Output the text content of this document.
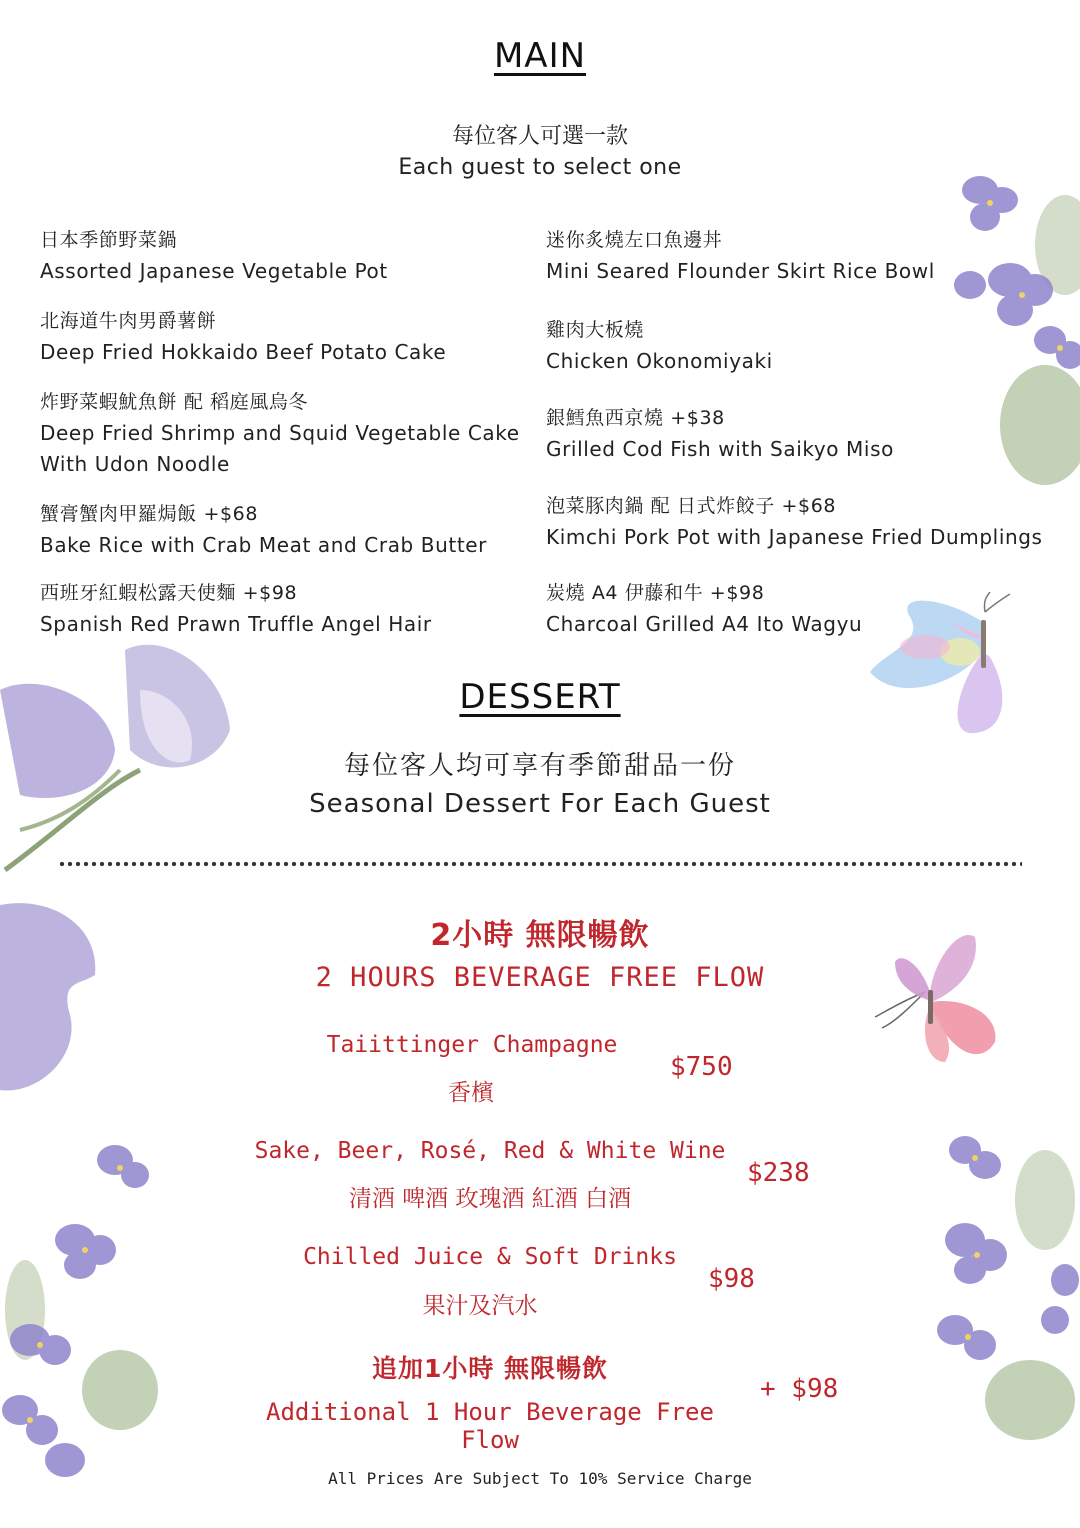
MAIN
每位客人可選一款
Each guest to select one
日本季節野菜鍋
Assorted Japanese Vegetable Pot
北海道牛肉男爵薯餅
Deep Fried Hokkaido Beef Potato Cake
炸野菜蝦魷魚餅 配 稻庭風烏冬
Deep Fried Shrimp and Squid Vegetable Cake
With Udon Noodle
蟹膏蟹肉甲羅焗飯 +$68
Bake Rice with Crab Meat and Crab Butter
西班牙紅蝦松露天使麵 +$98
Spanish Red Prawn Truffle Angel Hair
迷你炙燒左口魚邊丼
Mini Seared Flounder Skirt Rice Bowl
雞肉大板燒
Chicken Okonomiyaki
銀鱈魚西京燒 +$38
Grilled Cod Fish with Saikyo Miso
泡菜豚肉鍋 配 日式炸餃子 +$68
Kimchi Pork Pot with Japanese Fried Dumplings
炭燒 A4 伊藤和牛 +$98
Charcoal Grilled A4 Ito Wagyu
DESSERT
每位客人均可享有季節甜品一份
Seasonal Dessert For Each Guest
2小時 無限暢飲
2 HOURS BEVERAGE FREE FLOW
Taiittinger Champagne
香檳
$750
Sake, Beer, Rosé, Red & White Wine
清酒 啤酒 玫瑰酒 紅酒 白酒
$238
Chilled Juice & Soft Drinks
果汁及汽水
$98
追加1小時 無限暢飲
Additional 1 Hour Beverage Free Flow
+ $98
All Prices Are Subject To 10% Service Charge
